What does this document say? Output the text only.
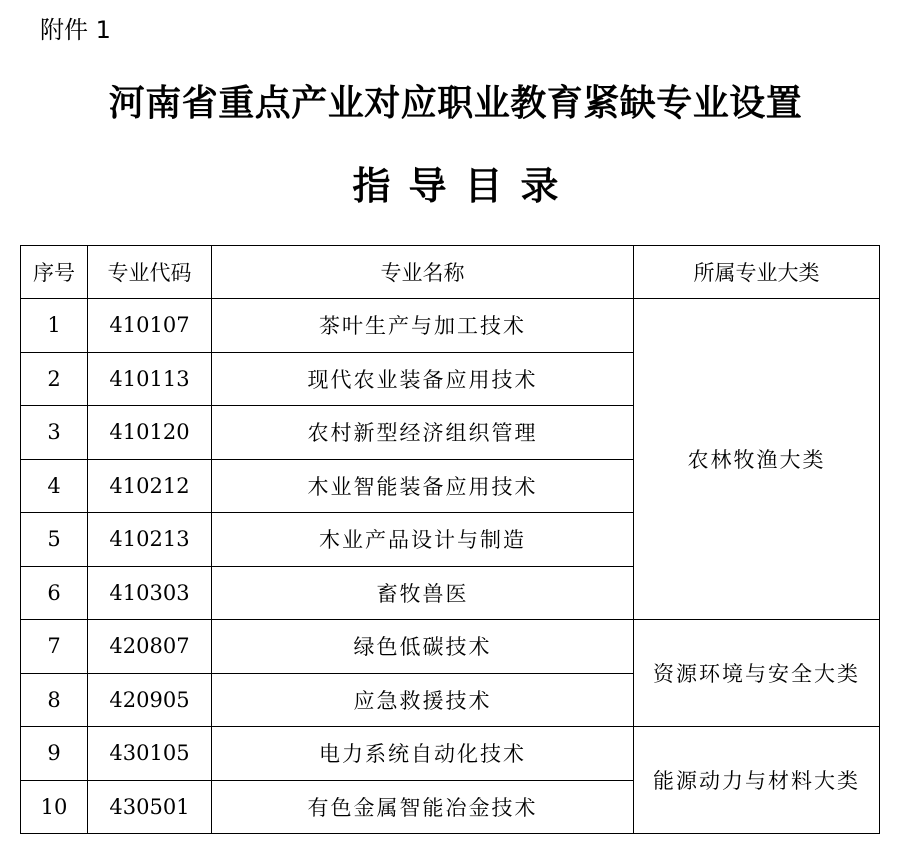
附件 1
河南省重点产业对应职业教育紧缺专业设置
指导目录
序号	专业代码	专业名称	所属专业大类
1	410107	茶叶生产与加工技术	农林牧渔大类
2	410113	现代农业装备应用技术	
3	410120	农村新型经济组织管理	
4	410212	木业智能装备应用技术	
5	410213	木业产品设计与制造	
6	410303	畜牧兽医	
7	420807	绿色低碳技术	资源环境与安全大类
8	420905	应急救援技术	
9	430105	电力系统自动化技术	能源动力与材料大类
10	430501	有色金属智能冶金技术	
